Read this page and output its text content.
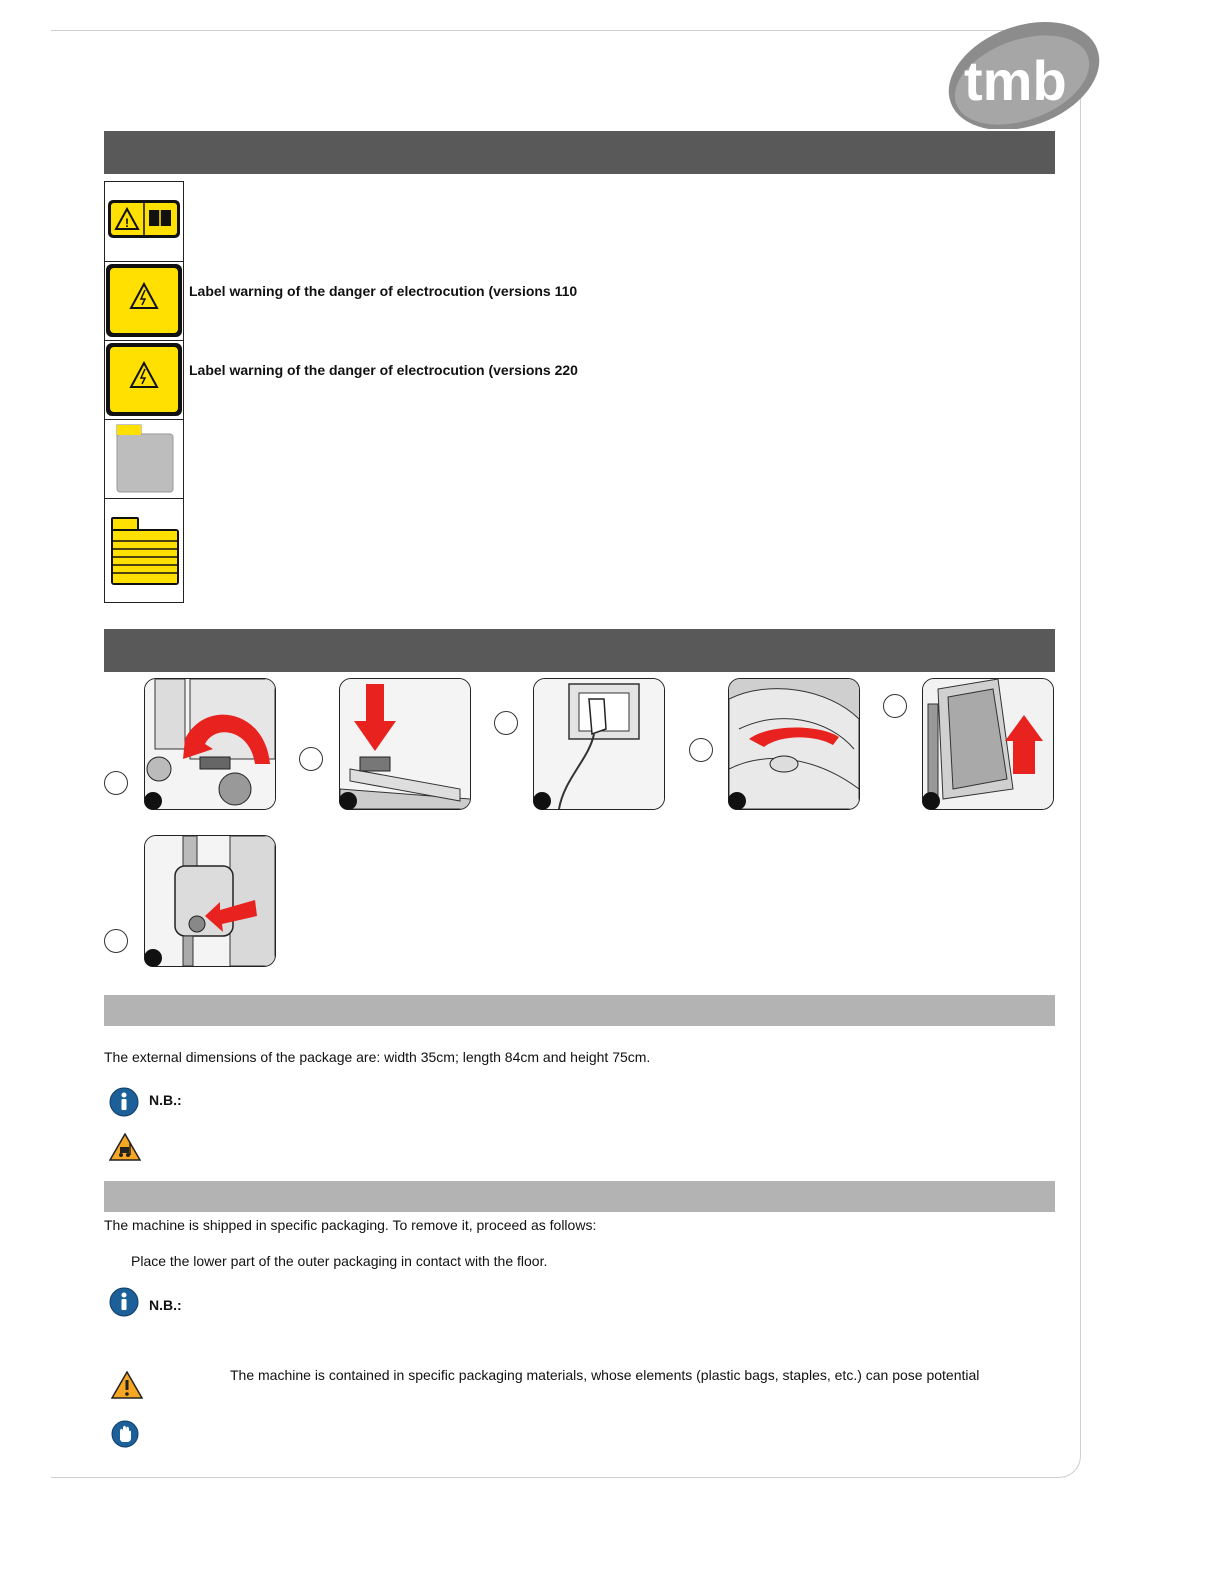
tmb
!
Label warning of the danger of electrocution (versions 110
Label warning of the danger of electrocution (versions 220
The external dimensions of the package are: width 35cm; length 84cm and height 75cm.
N.B.:
The machine is shipped in specific packaging. To remove it, proceed as follows:
Place the lower part of the outer packaging in contact with the floor.
N.B.:
The machine is contained in specific packaging materials, whose elements (plastic bags, staples, etc.) can pose potential
